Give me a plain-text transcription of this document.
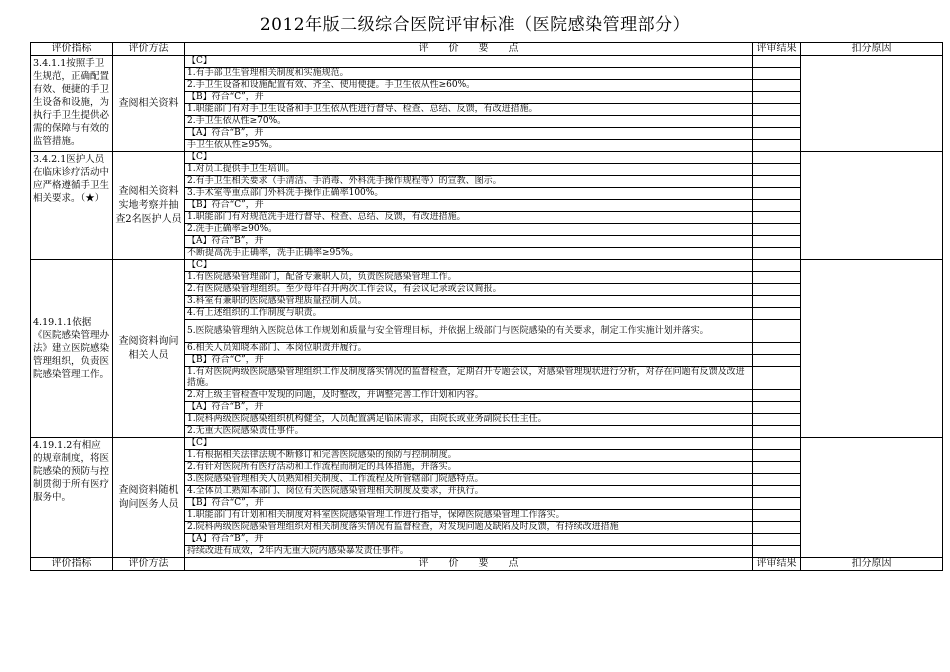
2012年版二级综合医院评审标准（医院感染管理部分）
评价指标	评价方法	评　　价　　要　　点	评审结果	扣分原因
3.4.1.1按照手卫生规范，正确配置有效、便捷的手卫生设备和设施，为执行手卫生提供必需的保障与有效的监管措施。	查阅相关资料	【C】		
		1.有手部卫生管理相关制度和实施规范。		
		2.手卫生设备和设施配置有效、齐全、使用便捷。手卫生依从性≥60%。		
		【B】符合“C”，并		
		1.职能部门有对手卫生设备和手卫生依从性进行督导、检查、总结、反馈，有改进措施。		
		2.手卫生依从性≥70%。		
		【A】符合“B”，并		
		手卫生依从性≥95%。		
3.4.2.1医护人员在临床诊疗活动中应严格遵循手卫生相关要求。（★）	查阅相关资料实地考察并抽查2名医护人员	【C】		
		1.对员工提供手卫生培训。		
		2.有手卫生相关要求（手清洁、手消毒、外科洗手操作规程等）的宣教、图示。		
		3.手术室等重点部门外科洗手操作正确率100%。		
		【B】符合“C”，并		
		1.职能部门有对规范洗手进行督导、检查、总结、反馈，有改进措施。		
		2.洗手正确率≥90%。		
		【A】符合“B”，并		
		不断提高洗手正确率，洗手正确率≥95%。		
4.19.1.1依据《医院感染管理办法》建立医院感染管理组织，负责医院感染管理工作。	查阅资料询问相关人员	【C】		
		1.有医院感染管理部门，配备专兼职人员，负责医院感染管理工作。		
		2.有医院感染管理组织。至少每年召开两次工作会议，有会议记录或会议简报。		
		3.科室有兼职的医院感染管理质量控制人员。		
		4.有上述组织的工作制度与职责。		
		5.医院感染管理纳入医院总体工作规划和质量与安全管理目标，并依据上级部门与医院感染的有关要求，制定工作实施计划并落实。		
		6.相关人员知晓本部门、本岗位职责并履行。		
		【B】符合“C”，并		
		1.有对医院两级医院感染管理组织工作及制度落实情况的监督检查，定期召开专题会议，对感染管理现状进行分析，对存在问题有反馈及改进措施。		
		2.对上级主管检查中发现的问题，及时整改，并调整完善工作计划和内容。		
		【A】符合“B”，并		
		1.院科两级医院感染组织机构健全，人员配置满足临床需求，由院长或业务副院长任主任。		
		2.无重大医院感染责任事件。		
4.19.1.2有相应的规章制度，将医院感染的预防与控制贯彻于所有医疗服务中。	查阅资料随机询问医务人员	【C】		
		1.有根据相关法律法规不断修订和完善医院感染的预防与控制制度。		
		2.有针对医院所有医疗活动和工作流程而制定的具体措施，并落实。		
		3.医院感染管理相关人员熟知相关制度、工作流程及所管辖部门院感特点。		
		4.全体员工熟知本部门、岗位有关医院感染管理相关制度及要求，并执行。		
		【B】符合“C”，并		
		1.职能部门有计划和相关制度对科室医院感染管理工作进行指导，保障医院感染管理工作落实。		
		2.院科两级医院感染管理组织对相关制度落实情况有监督检查，对发现问题及缺陷及时反馈，有持续改进措施		
		【A】符合“B”，并		
		持续改进有成效，2年内无重大院内感染暴发责任事件。		
评价指标	评价方法	评　　价　　要　　点	评审结果	扣分原因
